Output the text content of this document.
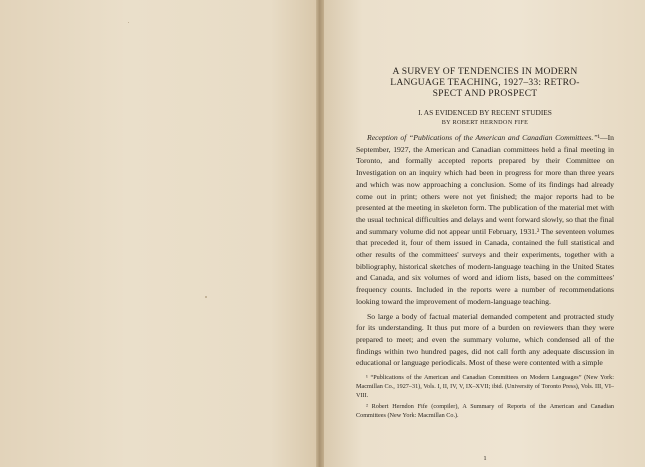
A SURVEY OF TENDENCIES IN MODERN
LANGUAGE TEACHING, 1927–33: RETRO-
SPECT AND PROSPECT
I. AS EVIDENCED BY RECENT STUDIES
BY ROBERT HERNDON FIFE

Reception of “Publications of the American and Canadian Committees.”¹—In September, 1927, the American and Canadian committees held a final meeting in Toronto, and formally accepted reports prepared by their Committee on Investigation on an inquiry which had been in progress for more than three years and which was now approaching a conclusion. Some of its findings had already come out in print; others were not yet finished; the major reports had to be presented at the meeting in skeleton form. The publication of the material met with the usual technical difficulties and delays and went forward slowly, so that the final and summary volume did not appear until February, 1931.² The seventeen volumes that preceded it, four of them issued in Canada, contained the full statistical and other results of the committees' surveys and their experiments, together with a bibliography, historical sketches of modern-language teaching in the United States and Canada, and six volumes of word and idiom lists, based on the committees' frequency counts. Included in the reports were a number of recommendations looking toward the improvement of modern-language teaching.

So large a body of factual material demanded competent and protracted study for its understanding. It thus put more of a burden on reviewers than they were prepared to meet; and even the summary volume, which condensed all of the findings within two hundred pages, did not call forth any adequate discussion in educational or language periodicals. Most of these were contented with a simple

¹ “Publications of the American and Canadian Committees on Modern Languages” (New York: Macmillan Co., 1927–31), Vols. I, II, IV, V, IX–XVII; ibid. (University of Toronto Press), Vols. III, VI–VIII.

² Robert Herndon Fife (compiler), A Summary of Reports of the American and Canadian Committees (New York: Macmillan Co.).

1
